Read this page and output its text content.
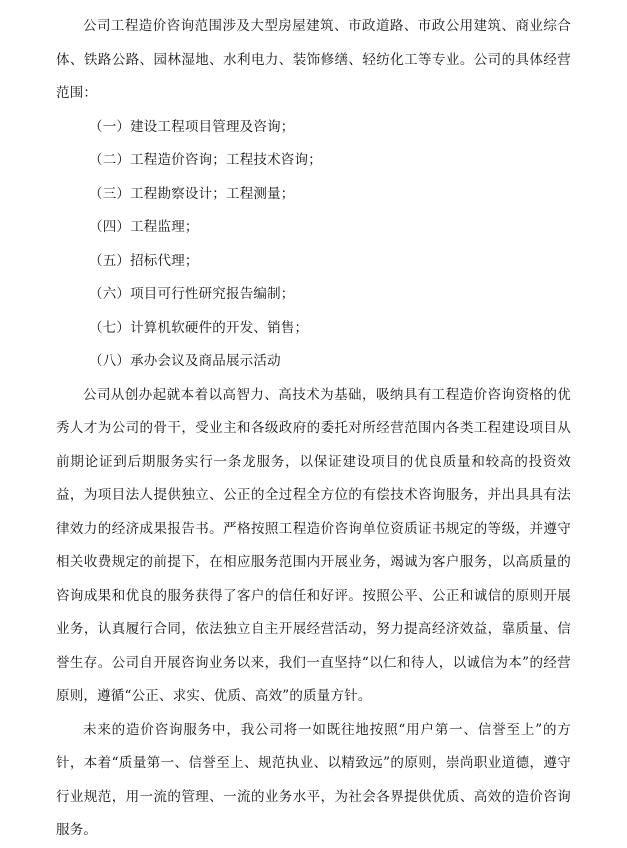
公司工程造价咨询范围涉及大型房屋建筑、市政道路、市政公用建筑、商业综合体、铁路公路、园林湿地、水利电力、装饰修缮、轻纺化工等专业。公司的具体经营范围：

（一）建设工程项目管理及咨询；
（二）工程造价咨询；工程技术咨询；
（三）工程勘察设计；工程测量；
（四）工程监理；
（五）招标代理；
（六）项目可行性研究报告编制；
（七）计算机软硬件的开发、销售；
（八）承办会议及商品展示活动

公司从创办起就本着以高智力、高技术为基础，吸纳具有工程造价咨询资格的优秀人才为公司的骨干，受业主和各级政府的委托对所经营范围内各类工程建设项目从前期论证到后期服务实行一条龙服务，以保证建设项目的优良质量和较高的投资效益，为项目法人提供独立、公正的全过程全方位的有偿技术咨询服务，并出具具有法律效力的经济成果报告书。严格按照工程造价咨询单位资质证书规定的等级，并遵守相关收费规定的前提下，在相应服务范围内开展业务，竭诚为客户服务，以高质量的咨询成果和优良的服务获得了客户的信任和好评。按照公平、公正和诚信的原则开展业务，认真履行合同，依法独立自主开展经营活动，努力提高经济效益，靠质量、信誉生存。公司自开展咨询业务以来，我们一直坚持“以仁和待人，以诚信为本”的经营原则，遵循“公正、求实、优质、高效”的质量方针。

未来的造价咨询服务中，我公司将一如既往地按照“用户第一、信誉至上”的方针，本着“质量第一、信誉至上、规范执业、以精致远”的原则，崇尚职业道德，遵守行业规范，用一流的管理、一流的业务水平，为社会各界提供优质、高效的造价咨询服务。
